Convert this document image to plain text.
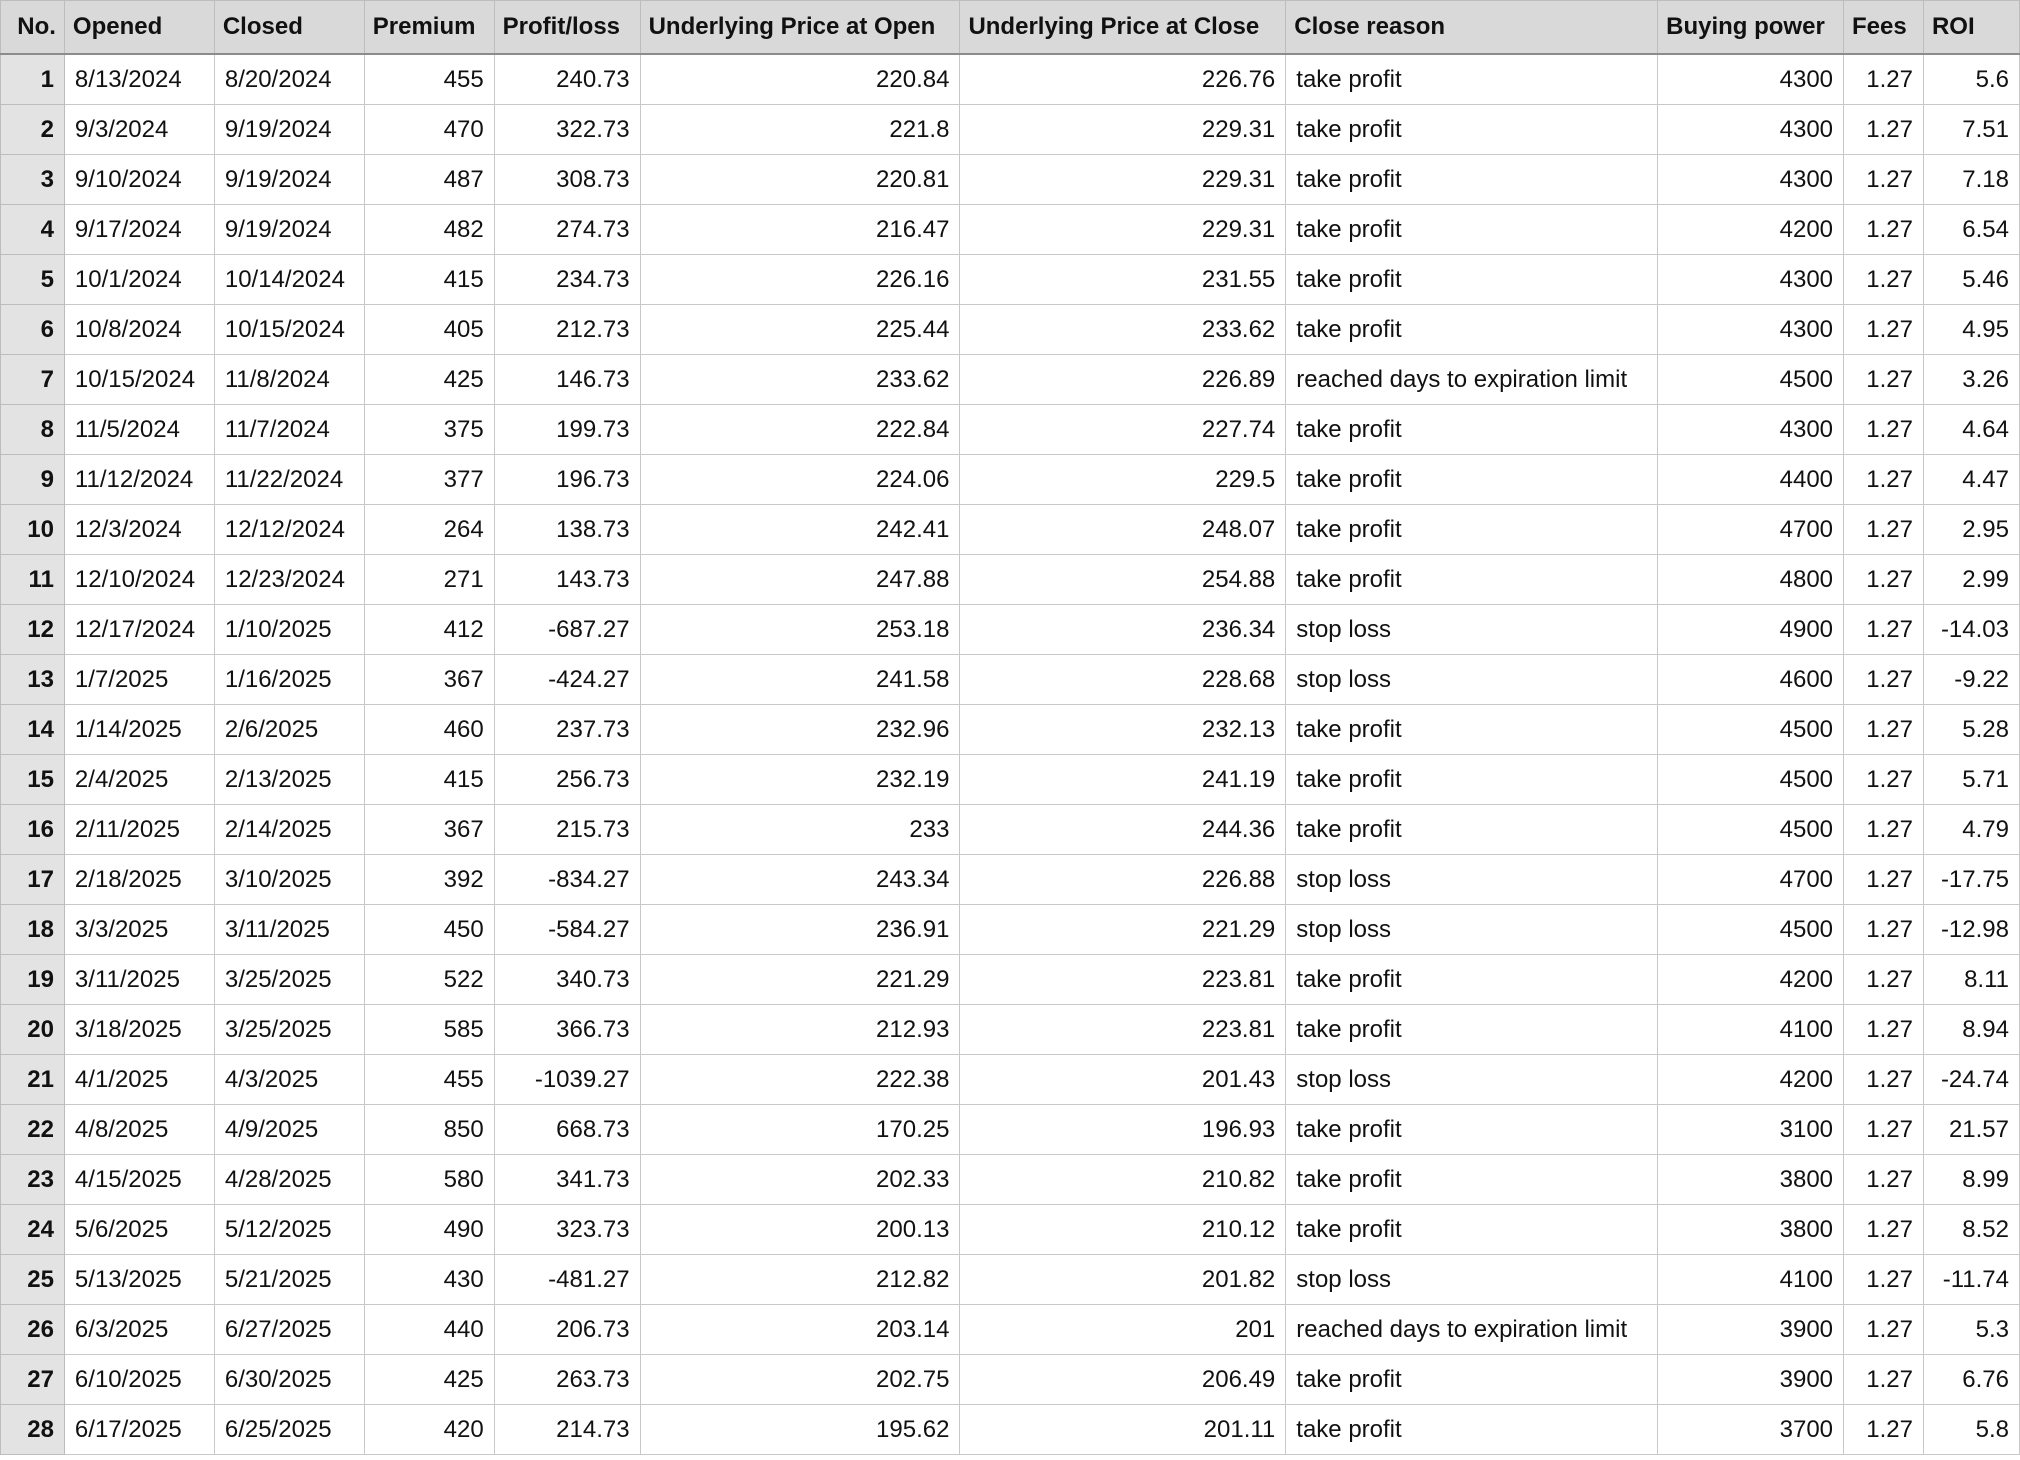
No.	Opened	Closed	Premium	Profit/loss	Underlying Price at Open	Underlying Price at Close	Close reason	Buying power	Fees	ROI
1	8/13/2024	8/20/2024	455	240.73	220.84	226.76	take profit	4300	1.27	5.6
2	9/3/2024	9/19/2024	470	322.73	221.8	229.31	take profit	4300	1.27	7.51
3	9/10/2024	9/19/2024	487	308.73	220.81	229.31	take profit	4300	1.27	7.18
4	9/17/2024	9/19/2024	482	274.73	216.47	229.31	take profit	4200	1.27	6.54
5	10/1/2024	10/14/2024	415	234.73	226.16	231.55	take profit	4300	1.27	5.46
6	10/8/2024	10/15/2024	405	212.73	225.44	233.62	take profit	4300	1.27	4.95
7	10/15/2024	11/8/2024	425	146.73	233.62	226.89	reached days to expiration limit	4500	1.27	3.26
8	11/5/2024	11/7/2024	375	199.73	222.84	227.74	take profit	4300	1.27	4.64
9	11/12/2024	11/22/2024	377	196.73	224.06	229.5	take profit	4400	1.27	4.47
10	12/3/2024	12/12/2024	264	138.73	242.41	248.07	take profit	4700	1.27	2.95
11	12/10/2024	12/23/2024	271	143.73	247.88	254.88	take profit	4800	1.27	2.99
12	12/17/2024	1/10/2025	412	-687.27	253.18	236.34	stop loss	4900	1.27	-14.03
13	1/7/2025	1/16/2025	367	-424.27	241.58	228.68	stop loss	4600	1.27	-9.22
14	1/14/2025	2/6/2025	460	237.73	232.96	232.13	take profit	4500	1.27	5.28
15	2/4/2025	2/13/2025	415	256.73	232.19	241.19	take profit	4500	1.27	5.71
16	2/11/2025	2/14/2025	367	215.73	233	244.36	take profit	4500	1.27	4.79
17	2/18/2025	3/10/2025	392	-834.27	243.34	226.88	stop loss	4700	1.27	-17.75
18	3/3/2025	3/11/2025	450	-584.27	236.91	221.29	stop loss	4500	1.27	-12.98
19	3/11/2025	3/25/2025	522	340.73	221.29	223.81	take profit	4200	1.27	8.11
20	3/18/2025	3/25/2025	585	366.73	212.93	223.81	take profit	4100	1.27	8.94
21	4/1/2025	4/3/2025	455	-1039.27	222.38	201.43	stop loss	4200	1.27	-24.74
22	4/8/2025	4/9/2025	850	668.73	170.25	196.93	take profit	3100	1.27	21.57
23	4/15/2025	4/28/2025	580	341.73	202.33	210.82	take profit	3800	1.27	8.99
24	5/6/2025	5/12/2025	490	323.73	200.13	210.12	take profit	3800	1.27	8.52
25	5/13/2025	5/21/2025	430	-481.27	212.82	201.82	stop loss	4100	1.27	-11.74
26	6/3/2025	6/27/2025	440	206.73	203.14	201	reached days to expiration limit	3900	1.27	5.3
27	6/10/2025	6/30/2025	425	263.73	202.75	206.49	take profit	3900	1.27	6.76
28	6/17/2025	6/25/2025	420	214.73	195.62	201.11	take profit	3700	1.27	5.8
